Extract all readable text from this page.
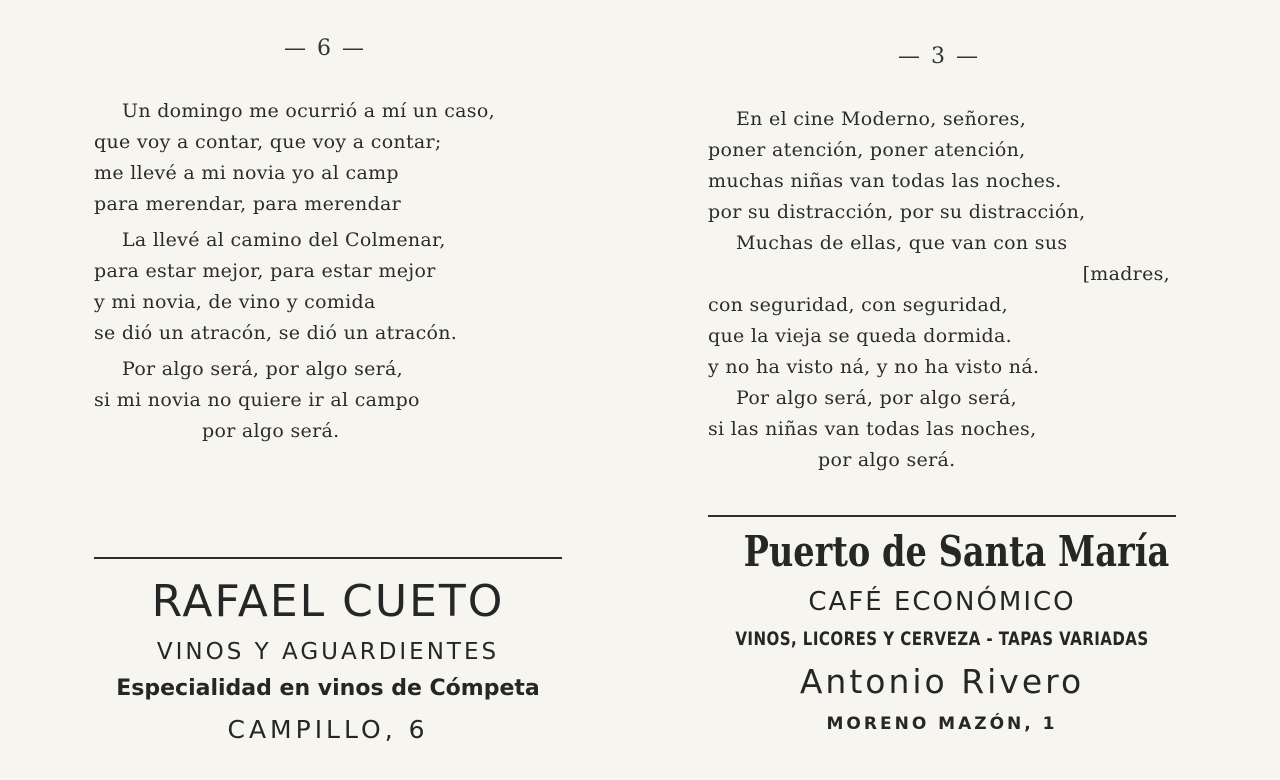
— 6 —
Un domingo me ocurrió a mí un caso,
que voy a contar, que voy a contar;
me llevé a mi novia yo al camp
para merendar, para merendar
La llevé al camino del Colmenar,
para estar mejor, para estar mejor
y mi novia, de vino y comida
se dió un atracón, se dió un atracón.
Por algo será, por algo será,
si mi novia no quiere ir al campo
por algo será.
RAFAEL CUETO
VINOS Y AGUARDIENTES
Especialidad en vinos de Cómpeta
CAMPILLO, 6
— 3 —
En el cine Moderno, señores,
poner atención, poner atención,
muchas niñas van todas las noches.
por su distracción, por su distracción,
Muchas de ellas, que van con sus
[madres,
con seguridad, con seguridad,
que la vieja se queda dormida.
y no ha visto ná, y no ha visto ná.
Por algo será, por algo será,
si las niñas van todas las noches,
por algo será.
Puerto de Santa María
CAFÉ ECONÓMICO
VINOS, LICORES Y CERVEZA - TAPAS VARIADAS
Antonio Rivero
MORENO MAZÓN, 1
